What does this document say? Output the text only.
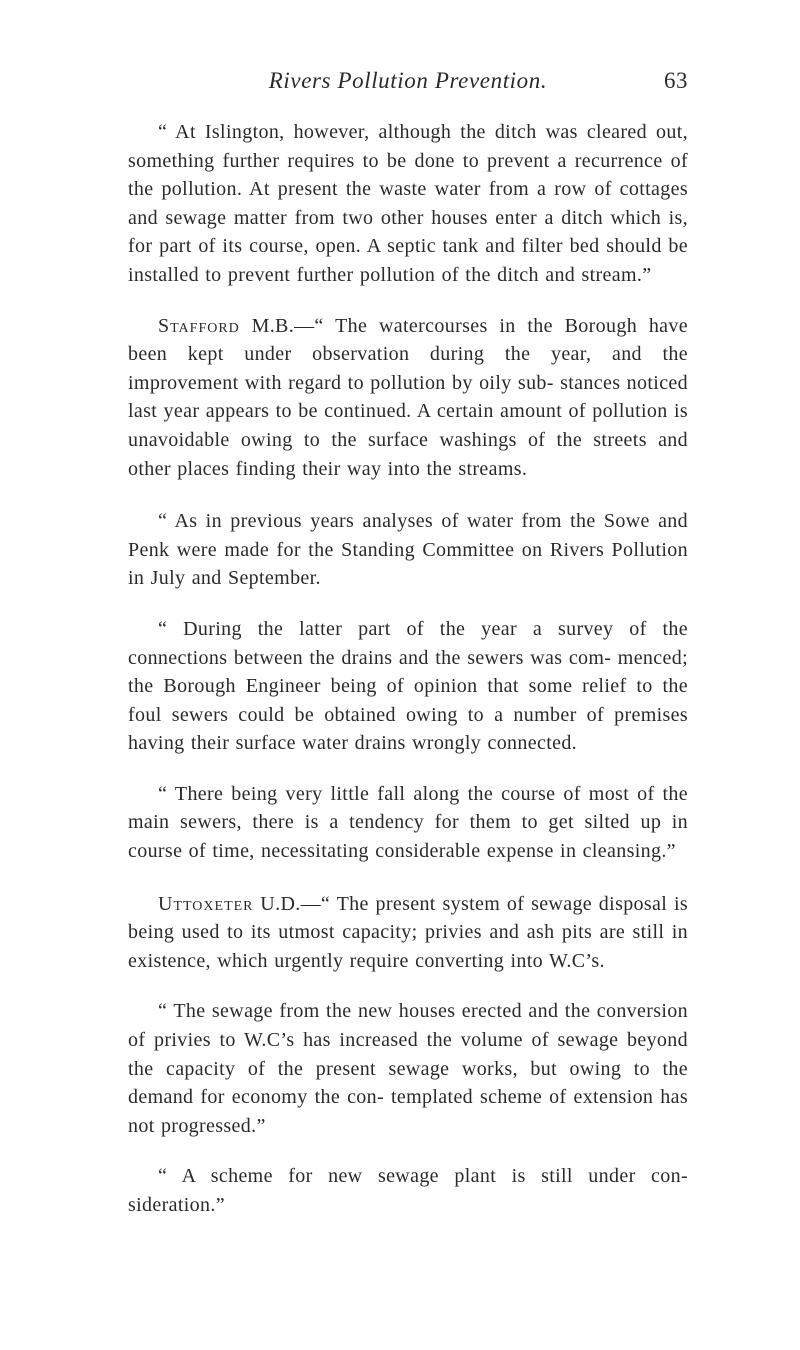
Rivers Pollution Prevention.	63

“ At Islington, however, although the ditch was cleared out, something further requires to be done to prevent a recurrence of the pollution. At present the waste water from a row of cottages and sewage matter from two other houses enter a ditch which is, for part of its course, open. A septic tank and filter bed should be installed to prevent further pollution of the ditch and stream.”

Stafford M.B.—“ The watercourses in the Borough have been kept under observation during the year, and the improvement with regard to pollution by oily sub- stances noticed last year appears to be continued. A certain amount of pollution is unavoidable owing to the surface washings of the streets and other places finding their way into the streams.

“ As in previous years analyses of water from the Sowe and Penk were made for the Standing Committee on Rivers Pollution in July and September.

“ During the latter part of the year a survey of the connections between the drains and the sewers was com- menced; the Borough Engineer being of opinion that some relief to the foul sewers could be obtained owing to a number of premises having their surface water drains wrongly connected.

“ There being very little fall along the course of most of the main sewers, there is a tendency for them to get silted up in course of time, necessitating considerable expense in cleansing.”

Uttoxeter U.D.—“ The present system of sewage disposal is being used to its utmost capacity; privies and ash pits are still in existence, which urgently require converting into W.C’s.

“ The sewage from the new houses erected and the conversion of privies to W.C’s has increased the volume of sewage beyond the capacity of the present sewage works, but owing to the demand for economy the con- templated scheme of extension has not progressed.”

“ A scheme for new sewage plant is still under con- sideration.”
